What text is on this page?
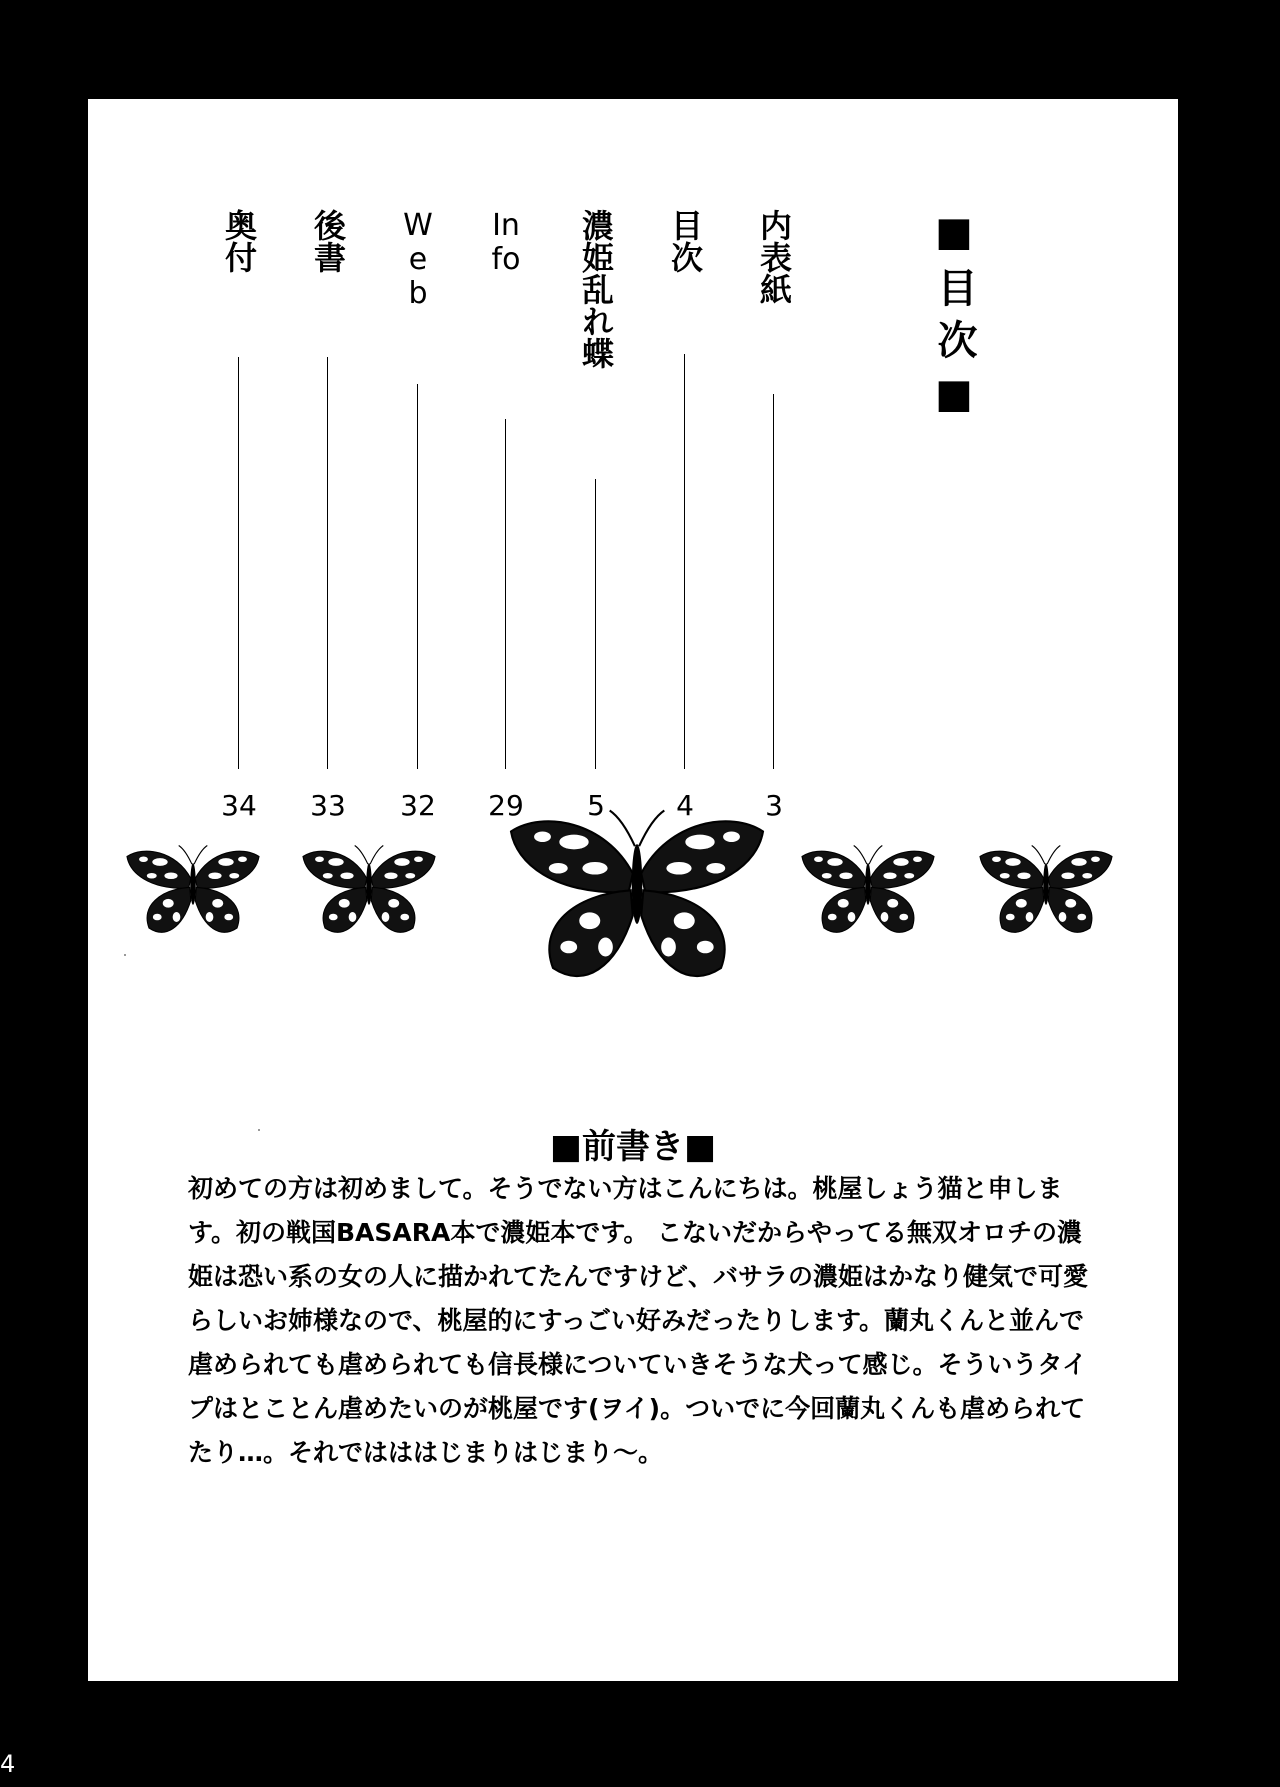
■目次■
内表紙
3
目次
4
濃姫乱れ蝶
5
Info
29
Web
32
後書
33
奥付
34
■前書き■
初めての方は初めまして。そうでない方はこんにちは。桃屋しょう猫と申します。初の戦国BASARA本で濃姫本です。 こないだからやってる無双オロチの濃姫は恐い系の女の人に描かれてたんですけど、バサラの濃姫はかなり健気で可愛らしいお姉様なので、桃屋的にすっごい好みだったりします。蘭丸くんと並んで虐められても虐められても信長様についていきそうな犬って感じ。そういうタイプはとことん虐めたいのが桃屋です(ヲイ)。ついでに今回蘭丸くんも虐められてたり…。それではははじまりはじまり〜。
4
